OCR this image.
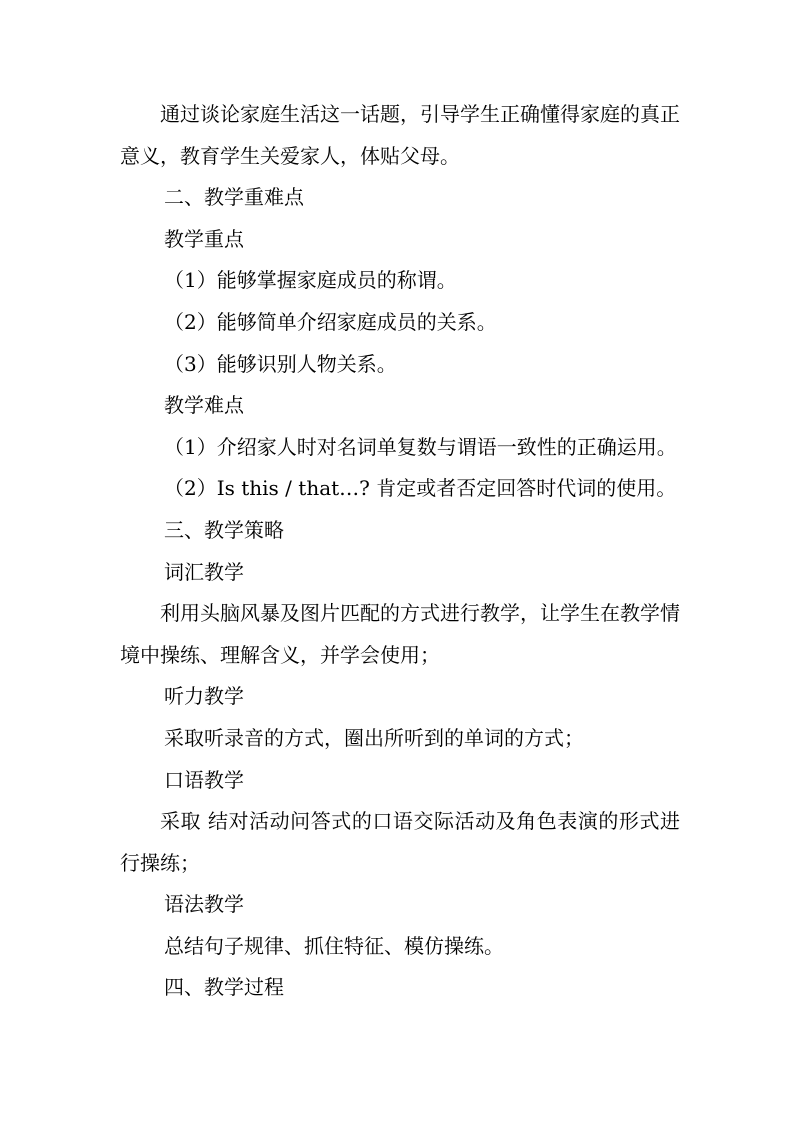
通过谈论家庭生活这一话题，引导学生正确懂得家庭的真正意义，教育学生关爱家人，体贴父母。

二、教学重难点

教学重点

（1）能够掌握家庭成员的称谓。

（2）能够简单介绍家庭成员的关系。

（3）能够识别人物关系。

教学难点

（1）介绍家人时对名词单复数与谓语一致性的正确运用。

（2）Is this / that…? 肯定或者否定回答时代词的使用。

三、教学策略

词汇教学

利用头脑风暴及图片匹配的方式进行教学，让学生在教学情境中操练、理解含义，并学会使用；

听力教学

采取听录音的方式，圈出所听到的单词的方式；

口语教学

采取 结对活动问答式的口语交际活动及角色表演的形式进行操练；

语法教学

总结句子规律、抓住特征、模仿操练。

四、教学过程
